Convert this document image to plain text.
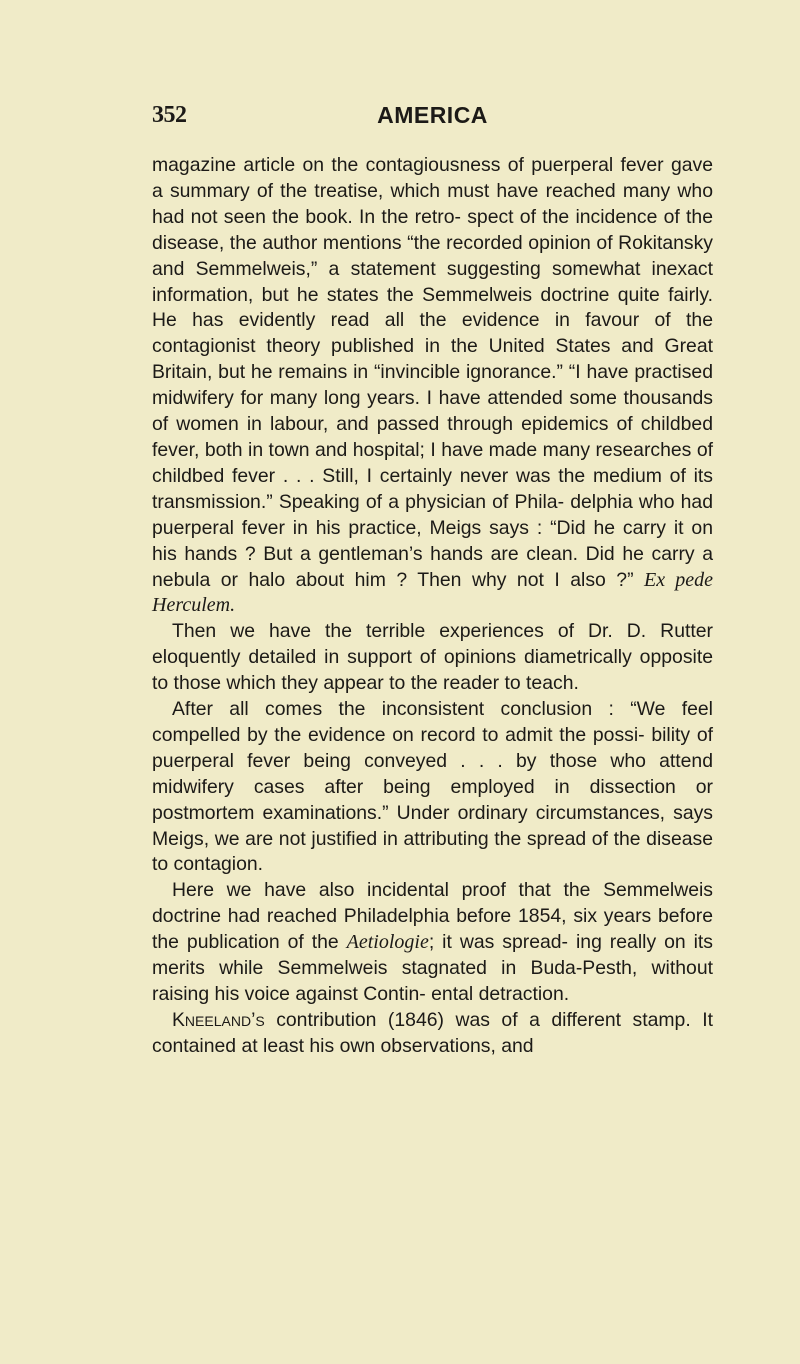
352	AMERICA

magazine article on the contagiousness of puerperal fever gave a summary of the treatise, which must have reached many who had not seen the book. In the retro- spect of the incidence of the disease, the author mentions “the recorded opinion of Rokitansky and Semmelweis,” a statement suggesting somewhat inexact information, but he states the Semmelweis doctrine quite fairly. He has evidently read all the evidence in favour of the contagionist theory published in the United States and Great Britain, but he remains in “invincible ignorance.” “I have practised midwifery for many long years. I have attended some thousands of women in labour, and passed through epidemics of childbed fever, both in town and hospital; I have made many researches of childbed fever . . . Still, I certainly never was the medium of its transmission.” Speaking of a physician of Phila- delphia who had puerperal fever in his practice, Meigs says : “Did he carry it on his hands ? But a gentleman’s hands are clean. Did he carry a nebula or halo about him ? Then why not I also ?” Ex pede Herculem.

Then we have the terrible experiences of Dr. D. Rutter eloquently detailed in support of opinions diametrically opposite to those which they appear to the reader to teach.

After all comes the inconsistent conclusion : “We feel compelled by the evidence on record to admit the possi- bility of puerperal fever being conveyed . . . by those who attend midwifery cases after being employed in dissection or postmortem examinations.” Under ordinary circumstances, says Meigs, we are not justified in attributing the spread of the disease to contagion.

Here we have also incidental proof that the Semmelweis doctrine had reached Philadelphia before 1854, six years before the publication of the Aetiologie; it was spread- ing really on its merits while Semmelweis stagnated in Buda-Pesth, without raising his voice against Contin- ental detraction.

Kneeland’s contribution (1846) was of a different stamp. It contained at least his own observations, and
